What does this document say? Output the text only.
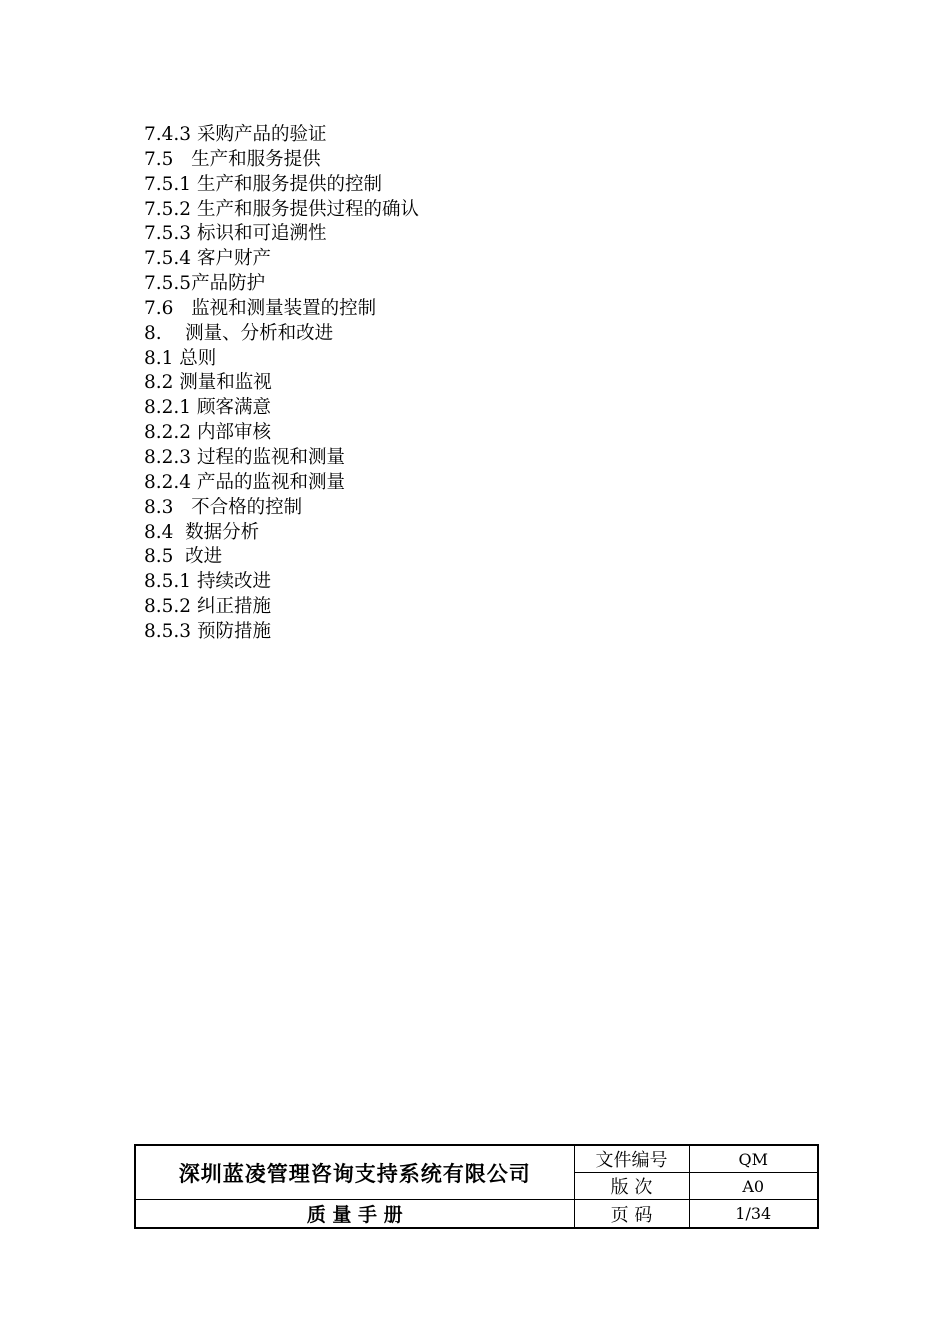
7.4.3 采购产品的验证
7.5   生产和服务提供
7.5.1 生产和服务提供的控制
7.5.2 生产和服务提供过程的确认
7.5.3 标识和可追溯性
7.5.4 客户财产
7.5.5产品防护
7.6   监视和测量装置的控制
8.    测量、分析和改进
8.1 总则
8.2 测量和监视
8.2.1 顾客满意
8.2.2 内部审核
8.2.3 过程的监视和测量
8.2.4 产品的监视和测量
8.3   不合格的控制
8.4  数据分析
8.5  改进
8.5.1 持续改进
8.5.2 纠正措施
8.5.3 预防措施
深圳蓝凌管理咨询支持系统有限公司	文件编号	QM
	版 次	A0
质 量 手 册	页 码	1/34
